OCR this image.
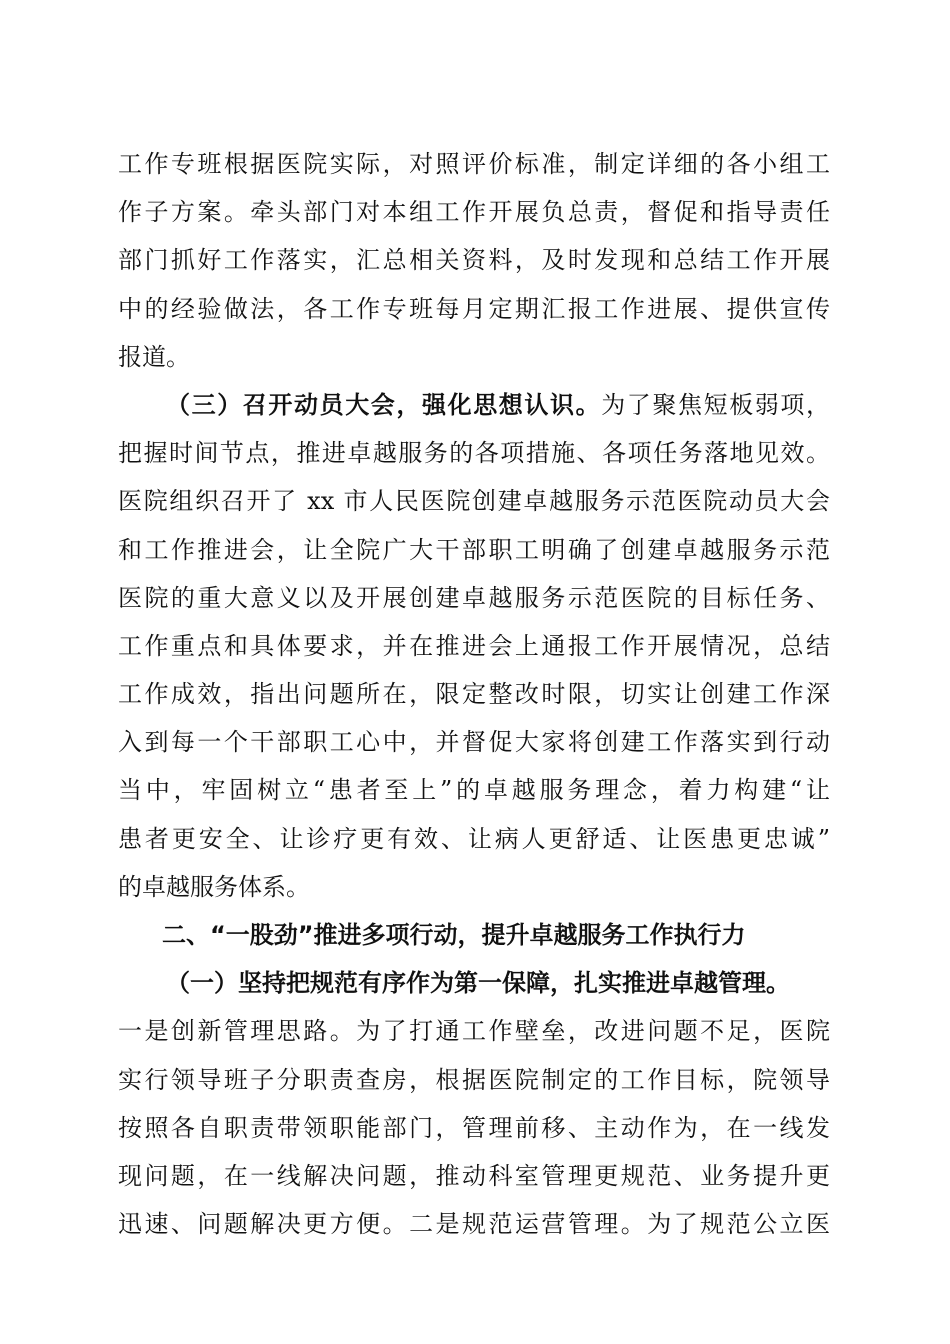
工作专班根据医院实际，对照评价标准，制定详细的各小组工
作子方案。牵头部门对本组工作开展负总责，督促和指导责任
部门抓好工作落实，汇总相关资料，及时发现和总结工作开展
中的经验做法，各工作专班每月定期汇报工作进展、提供宣传
报道。
（三）召开动员大会，强化思想认识。为了聚焦短板弱项，
把握时间节点，推进卓越服务的各项措施、各项任务落地见效。
医院组织召开了 xx 市人民医院创建卓越服务示范医院动员大会
和工作推进会，让全院广大干部职工明确了创建卓越服务示范
医院的重大意义以及开展创建卓越服务示范医院的目标任务、
工作重点和具体要求，并在推进会上通报工作开展情况，总结
工作成效，指出问题所在，限定整改时限，切实让创建工作深
入到每一个干部职工心中，并督促大家将创建工作落实到行动
当中，牢固树立“患者至上”的卓越服务理念，着力构建“让
患者更安全、让诊疗更有效、让病人更舒适、让医患更忠诚”
的卓越服务体系。
二、“一股劲”推进多项行动，提升卓越服务工作执行力
（一）坚持把规范有序作为第一保障，扎实推进卓越管理。
一是创新管理思路。为了打通工作壁垒，改进问题不足，医院
实行领导班子分职责查房，根据医院制定的工作目标，院领导
按照各自职责带领职能部门，管理前移、主动作为，在一线发
现问题，在一线解决问题，推动科室管理更规范、业务提升更
迅速、问题解决更方便。二是规范运营管理。为了规范公立医
